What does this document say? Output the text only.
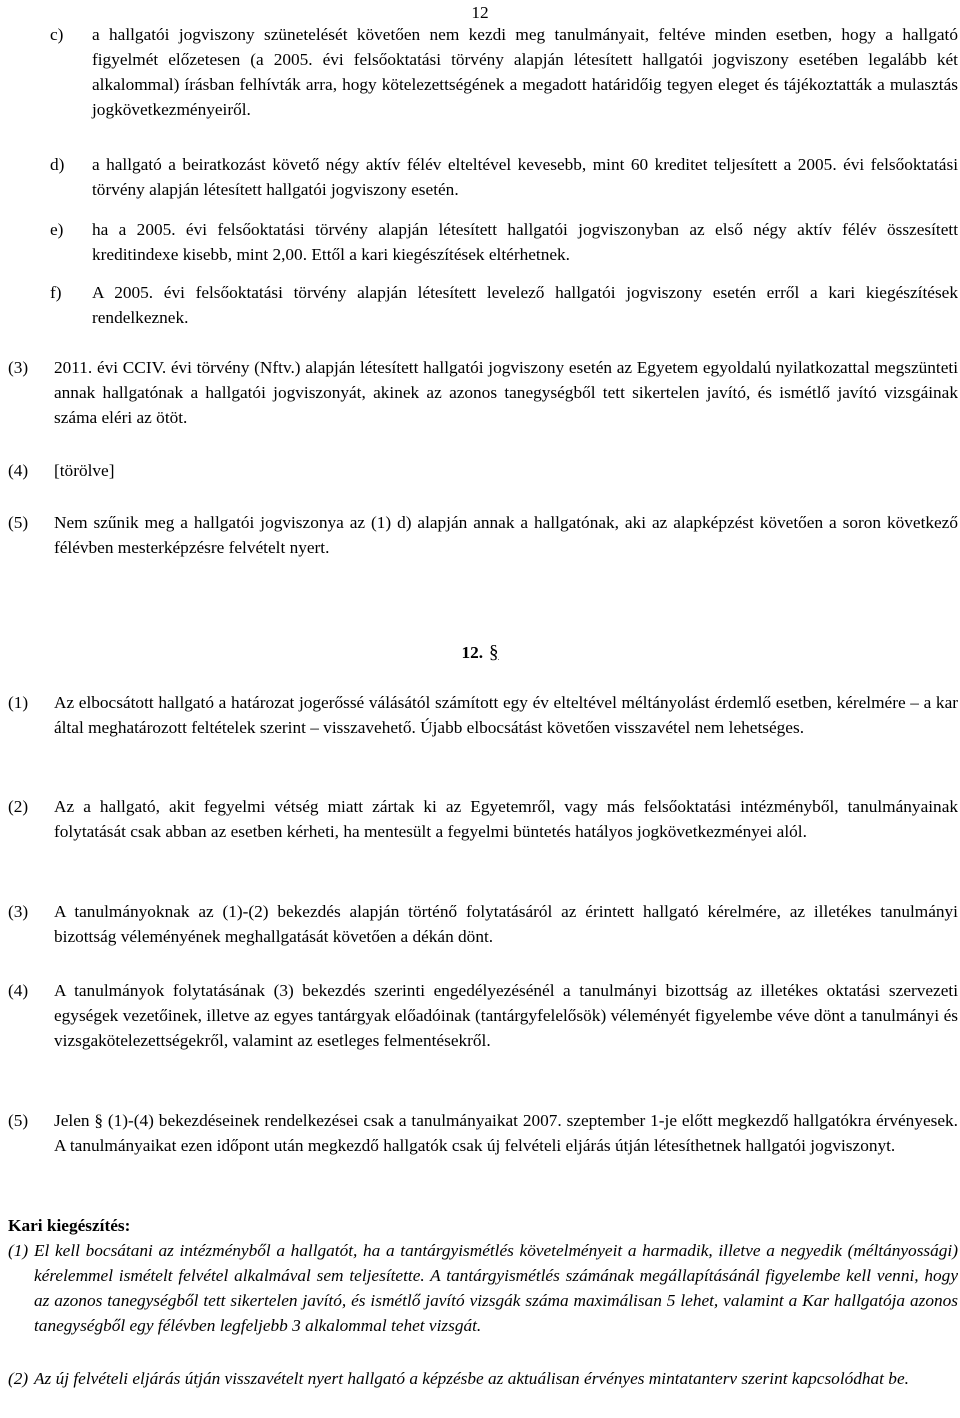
12
c) a hallgatói jogviszony szünetelését követően nem kezdi meg tanulmányait, feltéve minden esetben, hogy a hallgató figyelmét előzetesen (a 2005. évi felsőoktatási törvény alapján létesített hallgatói jogviszony esetében legalább két alkalommal) írásban felhívták arra, hogy kötelezettségének a megadott határidőig tegyen eleget és tájékoztatták a mulasztás jogkövetkezményeiről.
d) a hallgató a beiratkozást követő négy aktív félév elteltével kevesebb, mint 60 kreditet teljesített a 2005. évi felsőoktatási törvény alapján létesített hallgatói jogviszony esetén.
e) ha a 2005. évi felsőoktatási törvény alapján létesített hallgatói jogviszonyban az első négy aktív félév összesített kreditindexe kisebb, mint 2,00. Ettől a kari kiegészítések eltérhetnek.
f) A 2005. évi felsőoktatási törvény alapján létesített levelező hallgatói jogviszony esetén erről a kari kiegészítések rendelkeznek.
(3) 2011. évi CCIV. évi törvény (Nftv.) alapján létesített hallgatói jogviszony esetén az Egyetem egyoldalú nyilatkozattal megszünteti annak hallgatónak a hallgatói jogviszonyát, akinek az azonos tanegységből tett sikertelen javító, és ismétlő javító vizsgáinak száma eléri az ötöt.
(4) [törölve]
(5) Nem szűnik meg a hallgatói jogviszonya az (1) d) alapján annak a hallgatónak, aki az alapképzést követően a soron következő félévben mesterképzésre felvételt nyert.
12. §
(1) Az elbocsátott hallgató a határozat jogerőssé válásától számított egy év elteltével méltányolást érdemlő esetben, kérelmére – a kar által meghatározott feltételek szerint – visszavehető. Újabb elbocsátást követően visszavétel nem lehetséges.
(2) Az a hallgató, akit fegyelmi vétség miatt zártak ki az Egyetemről, vagy más felsőoktatási intézményből, tanulmányainak folytatását csak abban az esetben kérheti, ha mentesült a fegyelmi büntetés hatályos jogkövetkezményei alól.
(3) A tanulmányoknak az (1)-(2) bekezdés alapján történő folytatásáról az érintett hallgató kérelmére, az illetékes tanulmányi bizottság véleményének meghallgatását követően a dékán dönt.
(4) A tanulmányok folytatásának (3) bekezdés szerinti engedélyezésénél a tanulmányi bizottság az illetékes oktatási szervezeti egységek vezetőinek, illetve az egyes tantárgyak előadóinak (tantárgyfelelősök) véleményét figyelembe véve dönt a tanulmányi és vizsgakötelezettségekről, valamint az esetleges felmentésekről.
(5) Jelen § (1)-(4) bekezdéseinek rendelkezései csak a tanulmányaikat 2007. szeptember 1-je előtt megkezdő hallgatókra érvényesek. A tanulmányaikat ezen időpont után megkezdő hallgatók csak új felvételi eljárás útján létesíthetnek hallgatói jogviszonyt.
Kari kiegészítés:
(1) El kell bocsátani az intézményből a hallgatót, ha a tantárgyismétlés követelményeit a harmadik, illetve a negyedik (méltányossági) kérelemmel ismételt felvétel alkalmával sem teljesítette. A tantárgyismétlés számának megállapításánál figyelembe kell venni, hogy az azonos tanegységből tett sikertelen javító, és ismétlő javító vizsgák száma maximálisan 5 lehet, valamint a Kar hallgatója azonos tanegységből egy félévben legfeljebb 3 alkalommal tehet vizsgát.
(2) Az új felvételi eljárás útján visszavételt nyert hallgató a képzésbe az aktuálisan érvényes mintatanterv szerint kapcsolódhat be.
